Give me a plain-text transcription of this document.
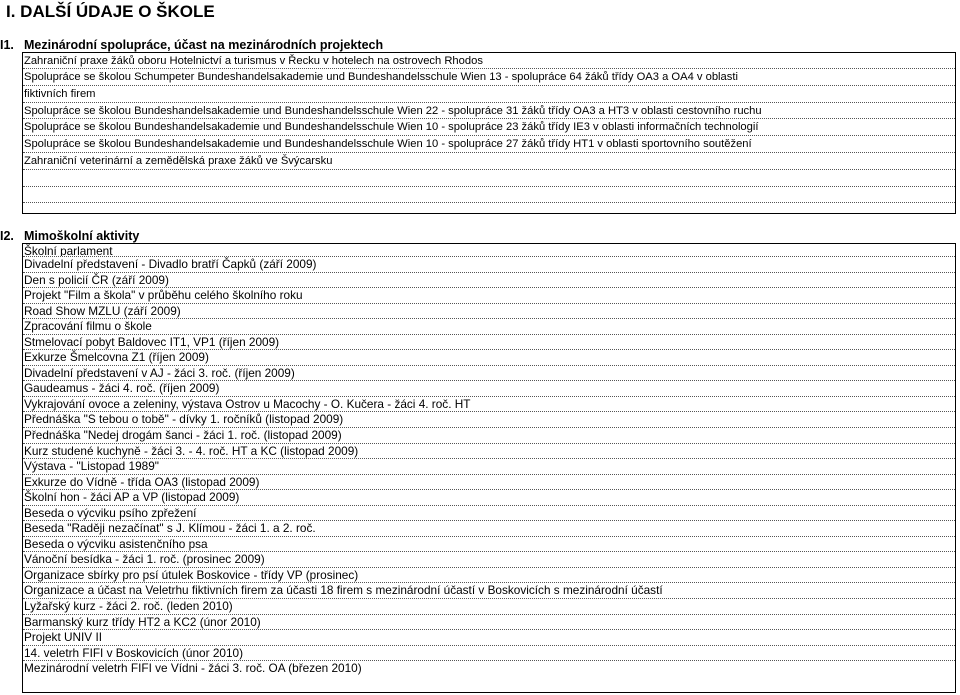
I. DALŠÍ ÚDAJE O ŠKOLE
I1. Mezinárodní spolupráce, účast na mezinárodních projektech
Zahraniční praxe žáků oboru Hotelnictví a turismus v Řecku v hotelech na ostrovech Rhodos
Spolupráce se školou Schumpeter Bundeshandelsakademie und Bundeshandelsschule Wien 13 - spolupráce 64 žáků třídy OA3 a OA4 v oblasti
fiktivních firem
Spolupráce se školou Bundeshandelsakademie und Bundeshandelsschule Wien 22 - spolupráce 31 žáků třídy OA3 a HT3 v oblasti cestovního ruchu
Spolupráce se školou Bundeshandelsakademie und Bundeshandelsschule Wien 10 - spolupráce 23 žáků třídy IE3 v oblasti informačních technologií
Spolupráce se školou Bundeshandelsakademie und Bundeshandelsschule Wien 10 - spolupráce 27 žáků třídy HT1 v oblasti sportovního soutěžení
Zahraniční veterinární a zemědělská praxe žáků ve Švýcarsku
I2. Mimoškolní aktivity
Školní parlament
Divadelní představení - Divadlo bratří Čapků (září 2009)
Den s policií ČR (září 2009)
Projekt "Film a škola" v průběhu celého školního roku
Road Show MZLU (září 2009)
Zpracování filmu o škole
Stmelovací pobyt Baldovec IT1, VP1 (říjen 2009)
Exkurze Šmelcovna Z1 (říjen 2009)
Divadelní představení v AJ - žáci 3. roč. (říjen 2009)
Gaudeamus - žáci 4. roč. (říjen 2009)
Vykrajování ovoce a zeleniny, výstava Ostrov u Macochy - O. Kučera - žáci 4. roč. HT
Přednáška "S tebou o tobě" - dívky 1. ročníků (listopad 2009)
Přednáška "Nedej drogám šanci - žáci 1. roč. (listopad 2009)
Kurz studené kuchyně - žáci 3. - 4. roč. HT a KC (listopad 2009)
Výstava - "Listopad 1989"
Exkurze do Vídně - třída OA3 (listopad 2009)
Školní hon - žáci AP a VP (listopad 2009)
Beseda o výcviku psího zpřežení
Beseda "Raději nezačínat" s J. Klímou - žáci 1. a 2. roč.
Beseda o výcviku asistenčního psa
Vánoční besídka - žáci 1. roč. (prosinec 2009)
Organizace sbírky pro psí útulek Boskovice - třídy VP (prosinec)
Organizace a účast na Veletrhu fiktivních firem za účasti 18 firem s mezinárodní účastí v Boskovicích s mezinárodní účastí
Lyžařský kurz - žáci 2. roč. (leden 2010)
Barmanský kurz třídy HT2 a KC2 (únor 2010)
Projekt UNIV II
14. veletrh FIFI v Boskovicích (únor 2010)
Mezinárodní veletrh FIFI ve Vídni - žáci 3. roč. OA (březen 2010)
